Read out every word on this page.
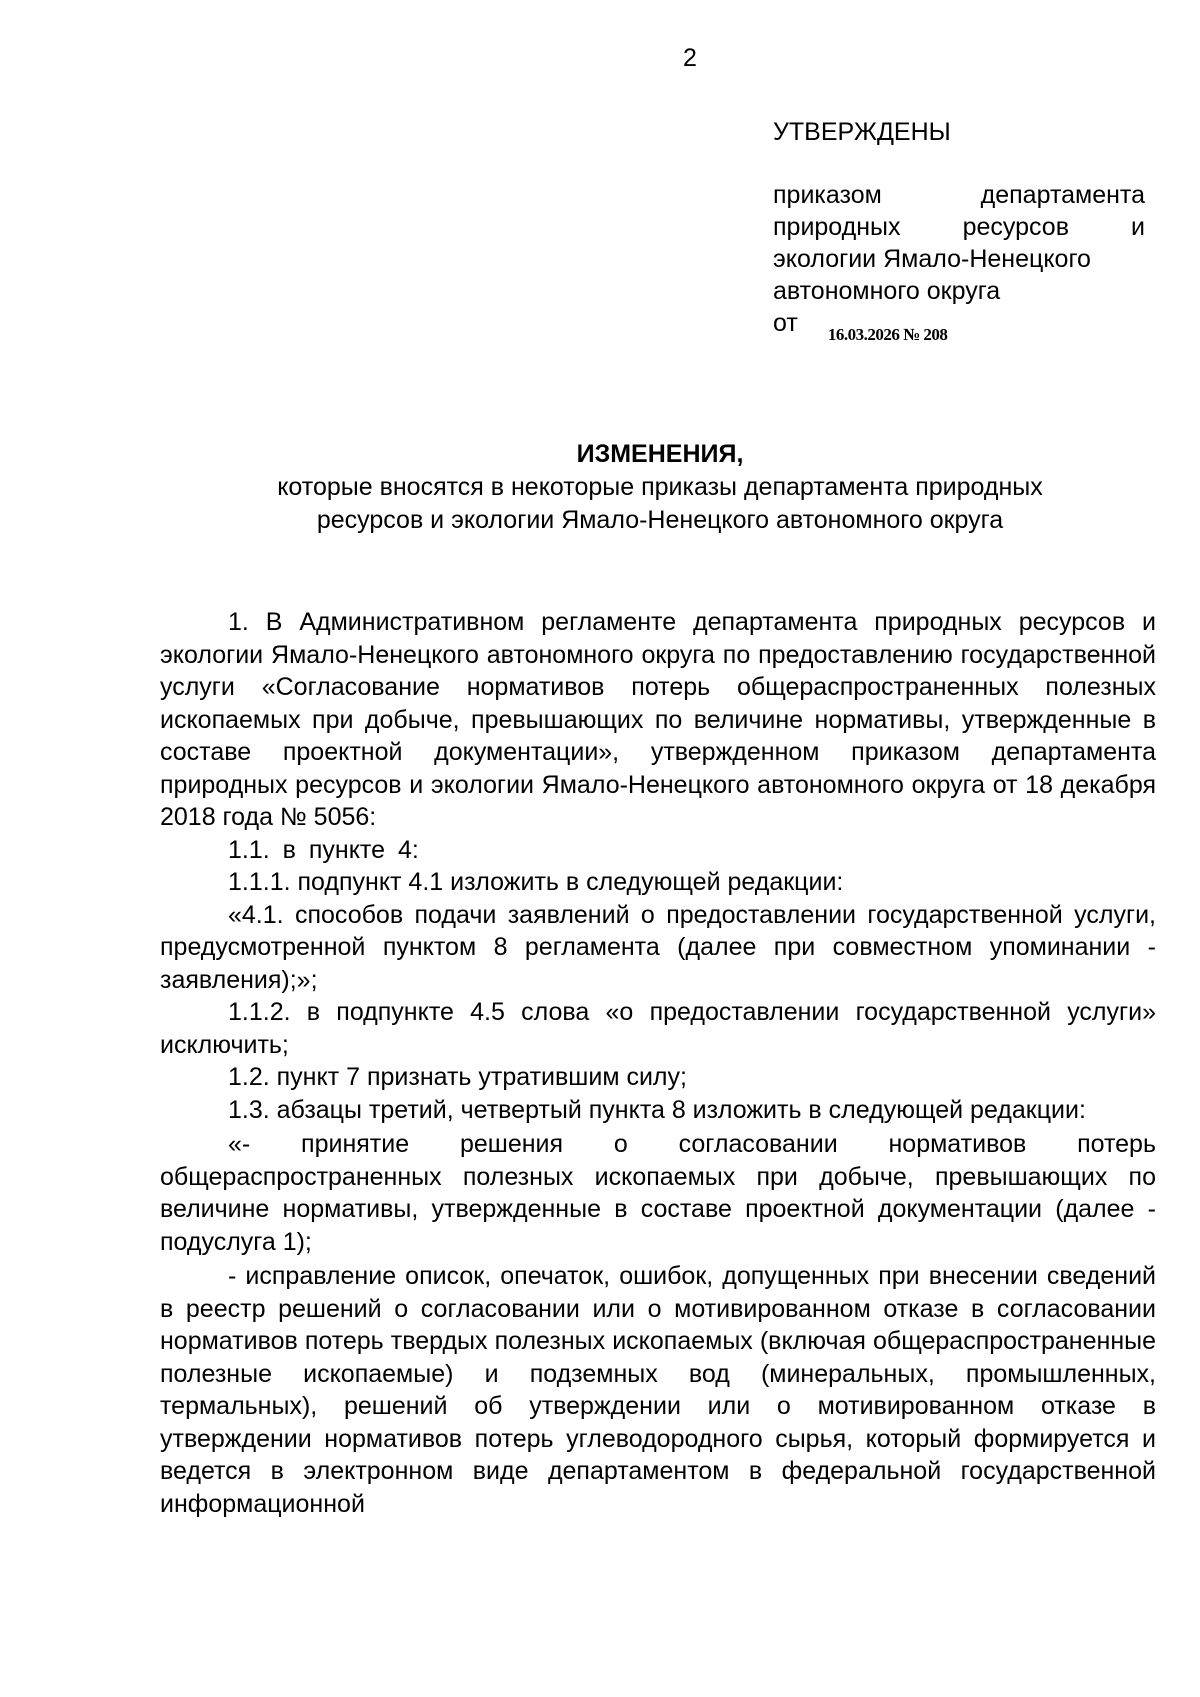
2
УТВЕРЖДЕНЫ
приказом	департамента
природных ресурсов и
экологии Ямало-Ненецкого
автономного округа
от 16.03.2026 № 208
ИЗМЕНЕНИЯ,
которые вносятся в некоторые приказы департамента природных
ресурсов и экологии Ямало-Ненецкого автономного округа

1. В Административном регламенте департамента природных ресурсов и экологии Ямало-Ненецкого автономного округа по предоставлению государственной услуги «Согласование нормативов потерь общераспространенных полезных ископаемых при добыче, превышающих по величине нормативы, утвержденные в составе проектной документации», утвержденном приказом департамента природных ресурсов и экологии Ямало-Ненецкого автономного округа от 18 декабря 2018 года № 5056:

1.1. в пункте 4:

1.1.1. подпункт 4.1 изложить в следующей редакции:

«4.1. способов подачи заявлений о предоставлении государственной услуги, предусмотренной пунктом 8 регламента (далее при совместном упоминании - заявления);»;

1.1.2. в подпункте 4.5 слова «о предоставлении государственной услуги» исключить;

1.2. пункт 7 признать утратившим силу;

1.3. абзацы третий, четвертый пункта 8 изложить в следующей редакции:

«- принятие решения о согласовании нормативов потерь общераспространенных полезных ископаемых при добыче, превышающих по величине нормативы, утвержденные в составе проектной документации (далее - подуслуга 1);

- исправление описок, опечаток, ошибок, допущенных при внесении сведений в реестр решений о согласовании или о мотивированном отказе в согласовании нормативов потерь твердых полезных ископаемых (включая общераспространенные полезные ископаемые) и подземных вод (минеральных, промышленных, термальных), решений об утверждении или о мотивированном отказе в утверждении нормативов потерь углеводородного сырья, который формируется и ведется в электронном виде департаментом в федеральной государственной информационной
